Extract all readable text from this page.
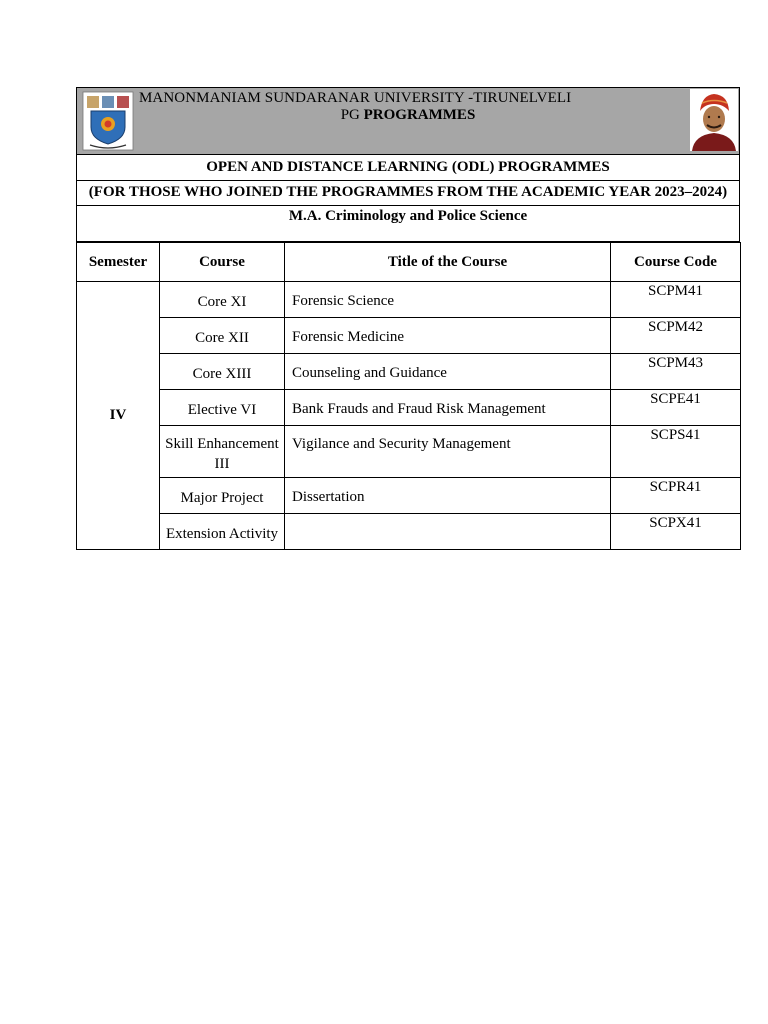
MANONMANIAM SUNDARANAR UNIVERSITY -TIRUNELVELI
PG PROGRAMMES
OPEN AND DISTANCE LEARNING (ODL) PROGRAMMES
(FOR THOSE WHO JOINED THE PROGRAMMES FROM THE ACADEMIC YEAR 2023–2024)
M.A. Criminology and Police Science
Semester	Course	Title of the Course	Course Code
IV	Core XI	Forensic Science	SCPM41
	Core XII	Forensic Medicine	SCPM42
	Core XIII	Counseling and Guidance	SCPM43
	Elective VI	Bank Frauds and Fraud Risk Management	SCPE41
	Skill Enhancement III	Vigilance and Security Management	SCPS41
	Major Project	Dissertation	SCPR41
	Extension Activity		SCPX41
